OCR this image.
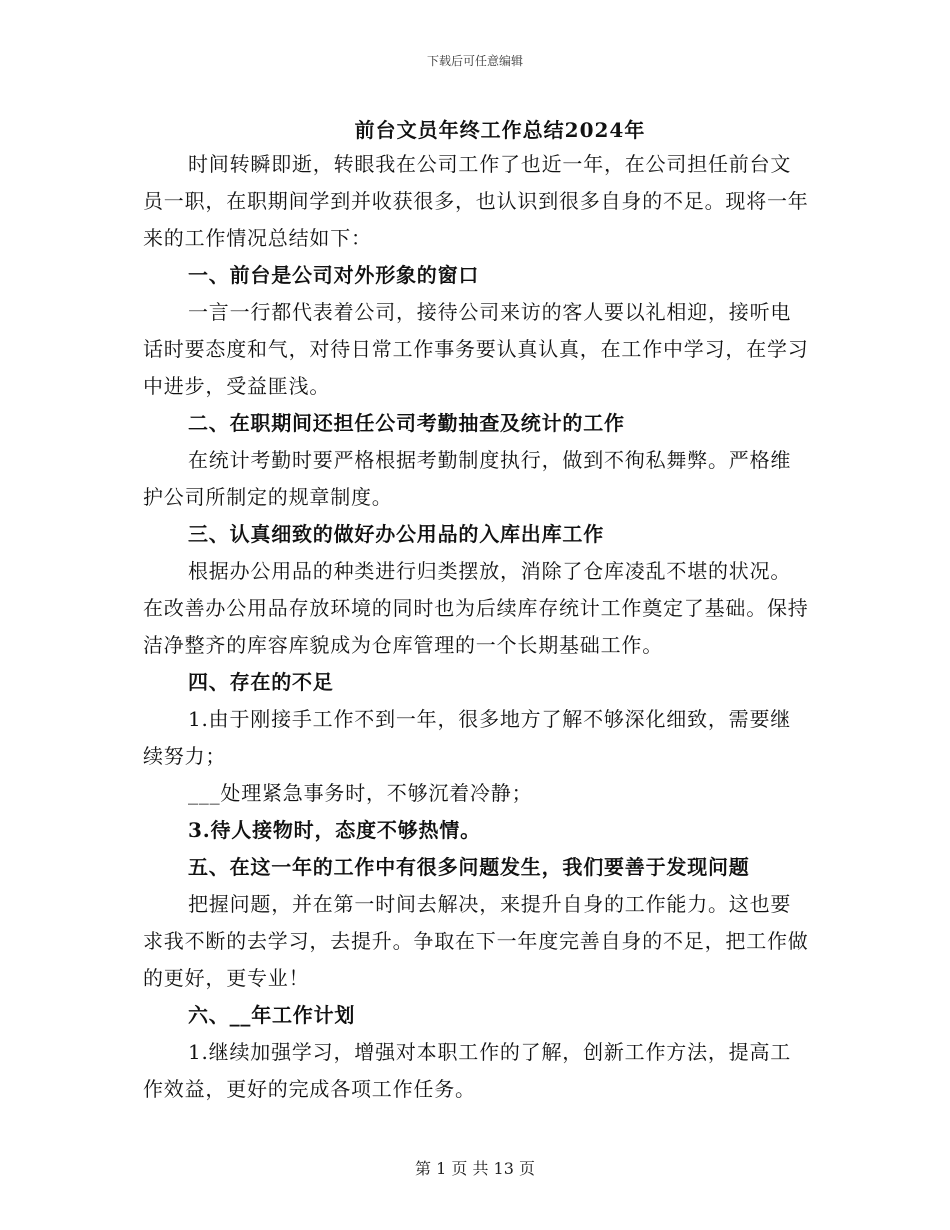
下载后可任意编辑
前台文员年终工作总结2024年

时间转瞬即逝，转眼我在公司工作了也近一年，在公司担任前台文员一职，在职期间学到并收获很多，也认识到很多自身的不足。现将一年来的工作情况总结如下：

一、前台是公司对外形象的窗口

一言一行都代表着公司，接待公司来访的客人要以礼相迎，接听电话时要态度和气，对待日常工作事务要认真认真，在工作中学习，在学习中进步，受益匪浅。

二、在职期间还担任公司考勤抽查及统计的工作

在统计考勤时要严格根据考勤制度执行，做到不徇私舞弊。严格维护公司所制定的规章制度。

三、认真细致的做好办公用品的入库出库工作

根据办公用品的种类进行归类摆放，消除了仓库凌乱不堪的状况。在改善办公用品存放环境的同时也为后续库存统计工作奠定了基础。保持洁净整齐的库容库貌成为仓库管理的一个长期基础工作。

四、存在的不足

1.由于刚接手工作不到一年，很多地方了解不够深化细致，需要继续努力；

___处理紧急事务时，不够沉着冷静；

3.待人接物时，态度不够热情。

五、在这一年的工作中有很多问题发生，我们要善于发现问题

把握问题，并在第一时间去解决，来提升自身的工作能力。这也要求我不断的去学习，去提升。争取在下一年度完善自身的不足，把工作做的更好，更专业！

六、__年工作计划

1.继续加强学习，增强对本职工作的了解，创新工作方法，提高工作效益，更好的完成各项工作任务。

第 1 页 共 13 页
